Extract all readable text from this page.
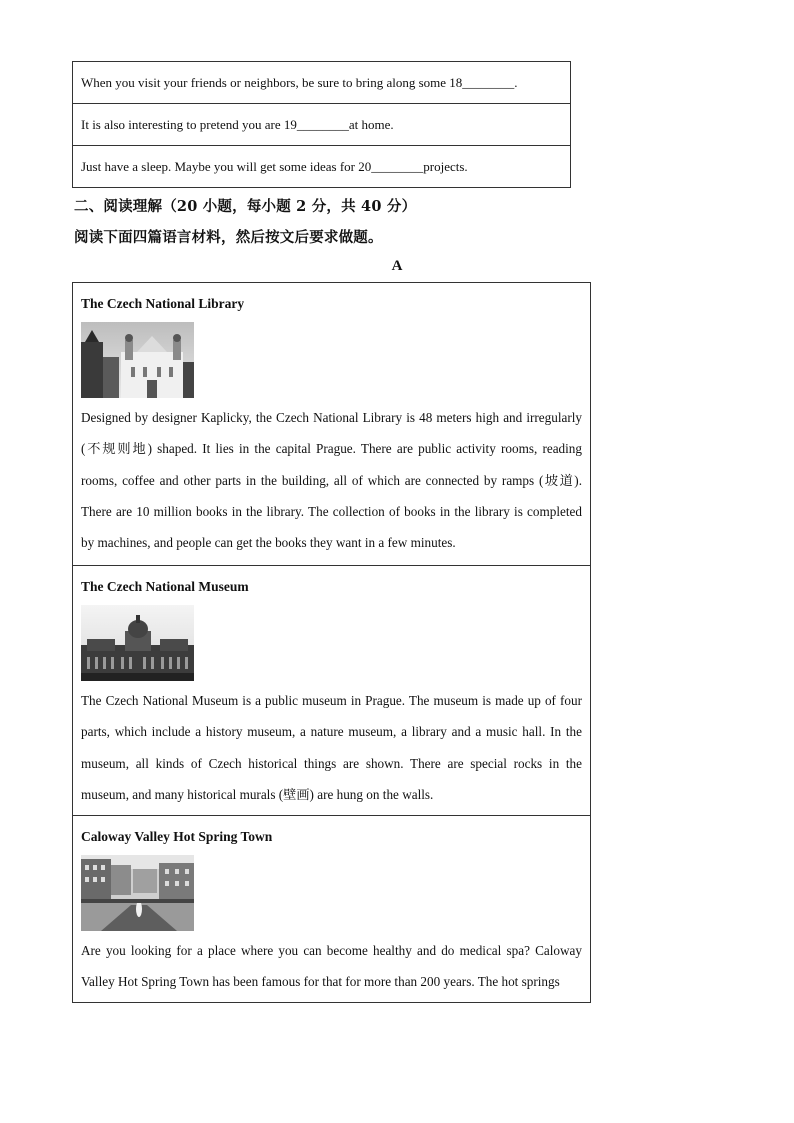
When you visit your friends or neighbors, be sure to bring along some 18________.
It is also interesting to pretend you are 19________at home.
Just have a sleep. Maybe you will get some ideas for 20________projects.
二、阅读理解（20 小题，每小题 2 分，共 40 分）
阅读下面四篇语言材料，然后按文后要求做题。
A
The Czech National Library

Designed by designer Kaplicky, the Czech National Library is 48 meters high and irregularly (不规则地) shaped. It lies in the capital Prague. There are public activity rooms, reading rooms, coffee and other parts in the building, all of which are connected by ramps (坡道). There are 10 million books in the library. The collection of books in the library is completed by machines, and people can get the books they want in a few minutes.

The Czech National Museum

The Czech National Museum is a public museum in Prague. The museum is made up of four parts, which include a history museum, a nature museum, a library and a music hall. In the museum, all kinds of Czech historical things are shown. There are special rocks in the museum, and many historical murals (壁画) are hung on the walls.

Caloway Valley Hot Spring Town

Are you looking for a place where you can become healthy and do medical spa? Caloway Valley Hot Spring Town has been famous for that for more than 200 years. The hot springs
